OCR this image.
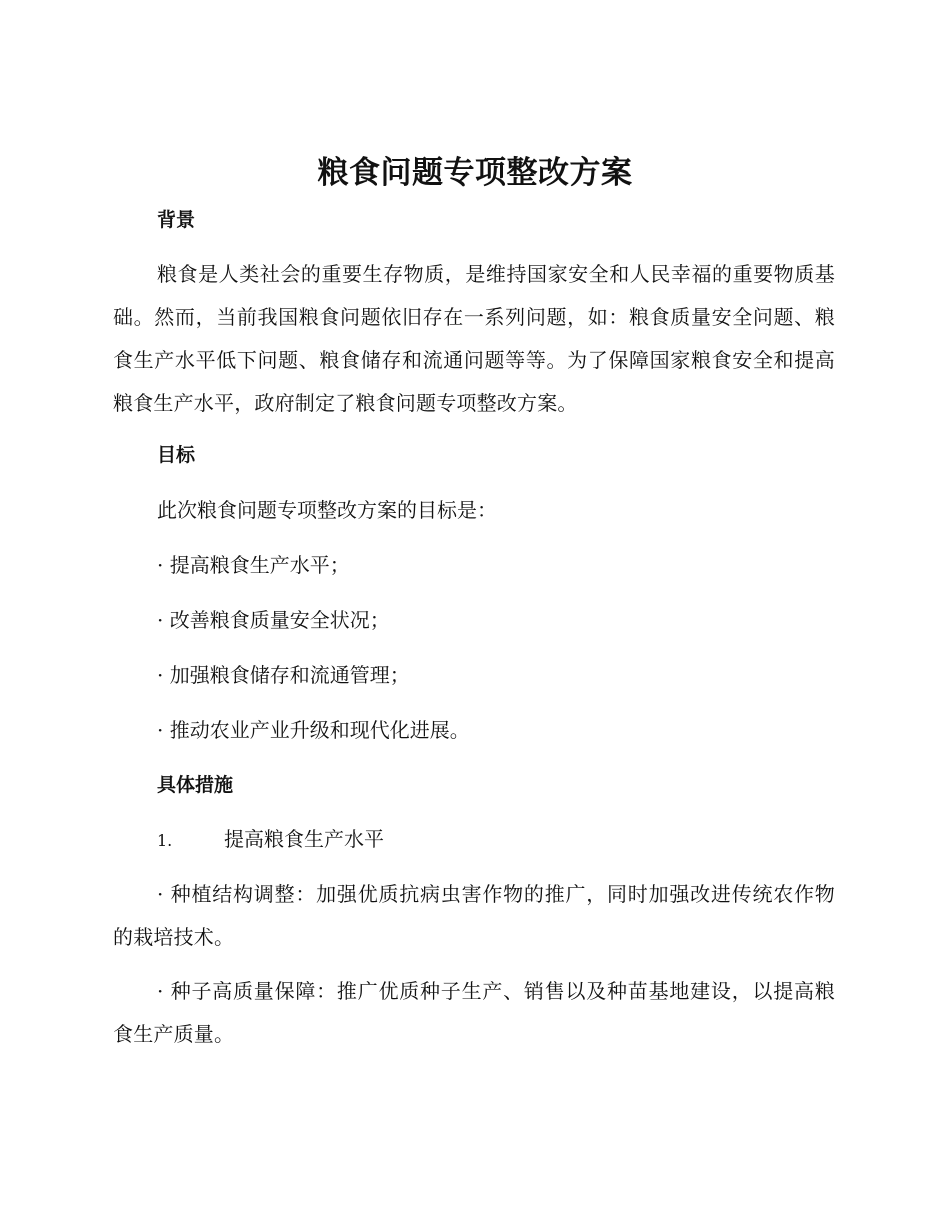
粮食问题专项整改方案
背景

粮食是人类社会的重要生存物质，是维持国家安全和人民幸福的重要物质基础。然而，当前我国粮食问题依旧存在一系列问题，如：粮食质量安全问题、粮食生产水平低下问题、粮食储存和流通问题等等。为了保障国家粮食安全和提高粮食生产水平，政府制定了粮食问题专项整改方案。

目标

此次粮食问题专项整改方案的目标是：

· 提高粮食生产水平；

· 改善粮食质量安全状况；

· 加强粮食储存和流通管理；

· 推动农业产业升级和现代化进展。

具体措施

1.	提高粮食生产水平

· 种植结构调整：加强优质抗病虫害作物的推广，同时加强改进传统农作物的栽培技术。

· 种子高质量保障：推广优质种子生产、销售以及种苗基地建设，以提高粮食生产质量。
